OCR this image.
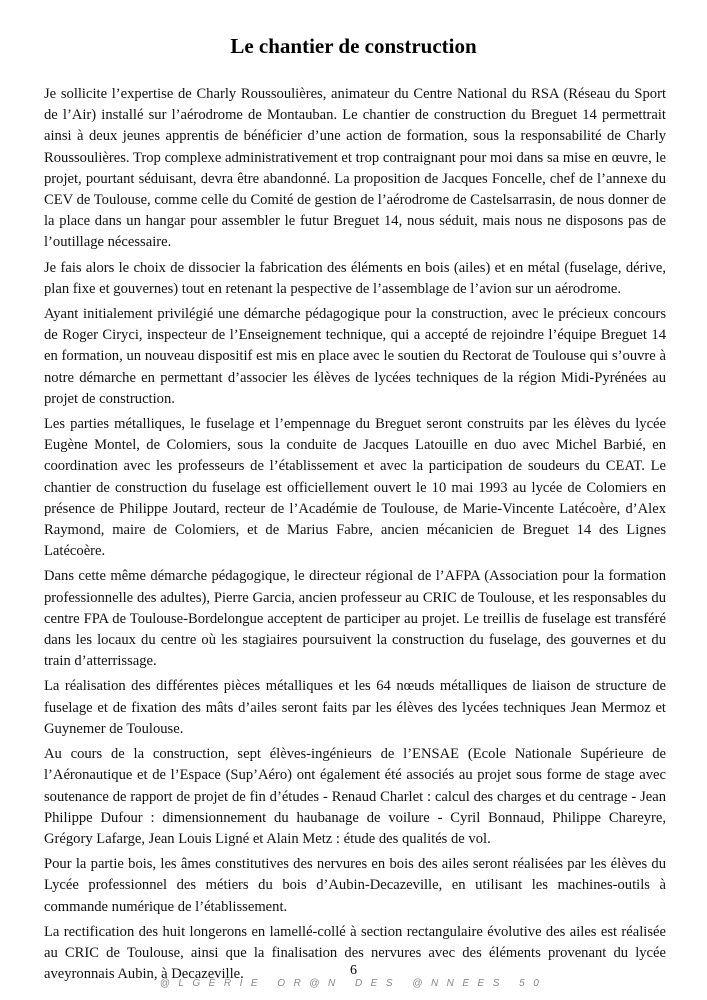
Le chantier de construction

Je sollicite l’expertise de Charly Roussoulières, animateur du Centre National du RSA (Réseau du Sport de l’Air) installé sur l’aérodrome de Montauban. Le chantier de construction du Breguet 14 permettrait ainsi à deux jeunes apprentis de bénéficier d’une action de formation, sous la responsabilité de Charly Roussoulières. Trop complexe administrativement et trop contraignant pour moi dans sa mise en œuvre, le projet, pourtant séduisant, devra être abandonné. La proposition de Jacques Foncelle, chef de l’annexe du CEV de Toulouse, comme celle du Comité de gestion de l’aérodrome de Castelsarrasin, de nous donner de la place dans un hangar pour assembler le futur Breguet 14, nous séduit, mais nous ne disposons pas de l’outillage nécessaire.

Je fais alors le choix de dissocier la fabrication des éléments en bois (ailes) et en métal (fuselage, dérive, plan fixe et gouvernes) tout en retenant la pespective de l’assemblage de l’avion sur un aérodrome.

Ayant initialement privilégié une démarche pédagogique pour la construction, avec le précieux concours de Roger Ciryci, inspecteur de l’Enseignement technique, qui a accepté de rejoindre l’équipe Breguet 14 en formation, un nouveau dispositif est mis en place avec le soutien du Rectorat de Toulouse qui s’ouvre à notre démarche en permettant d’associer les élèves de lycées techniques de la région Midi-Pyrénées au projet de construction.

Les parties métalliques, le fuselage et l’empennage du Breguet seront construits par les élèves du lycée Eugène Montel, de Colomiers, sous la conduite de Jacques Latouille en duo avec Michel Barbié, en coordination avec les professeurs de l’établissement et avec la participation de soudeurs du CEAT. Le chantier de construction du fuselage est officiellement ouvert le 10 mai 1993 au lycée de Colomiers en présence de Philippe Joutard, recteur de l’Académie de Toulouse, de Marie-Vincente Latécoère, d’Alex Raymond, maire de Colomiers, et de Marius Fabre, ancien mécanicien de Breguet 14 des Lignes Latécoère.

Dans cette même démarche pédagogique, le directeur régional de l’AFPA (Association pour la formation professionnelle des adultes), Pierre Garcia, ancien professeur au CRIC de Toulouse, et les responsables du centre FPA de Toulouse-Bordelongue acceptent de participer au projet. Le treillis de fuselage est transféré dans les locaux du centre où les stagiaires poursuivent la construction du fuselage, des gouvernes et du train d’atterrissage.

La réalisation des différentes pièces métalliques et les 64 nœuds métalliques de liaison de structure de fuselage et de fixation des mâts d’ailes seront faits par les élèves des lycées techniques Jean Mermoz et Guynemer de Toulouse.

Au cours de la construction, sept élèves-ingénieurs de l’ENSAE (Ecole Nationale Supérieure de l’Aéronautique et de l’Espace (Sup’Aéro) ont également été associés au projet sous forme de stage avec soutenance de rapport de projet de fin d’études - Renaud Charlet : calcul des charges et du centrage - Jean Philippe Dufour : dimensionnement du haubanage de voilure - Cyril Bonnaud, Philippe Chareyre, Grégory Lafarge, Jean Louis Ligné et Alain Metz : étude des qualités de vol.

Pour la partie bois, les âmes constitutives des nervures en bois des ailes seront réalisées par les élèves du Lycée professionnel des métiers du bois d’Aubin-Decazeville, en utilisant les machines-outils à commande numérique de l’établissement.

La rectification des huit longerons en lamellé-collé à section rectangulaire évolutive des ailes est réalisée au CRIC de Toulouse, ainsi que la finalisation des nervures avec des éléments provenant du lycée aveyronnais Aubin, à Decazeville.	6
@LGERIE OR@N DES @NNEES 50
